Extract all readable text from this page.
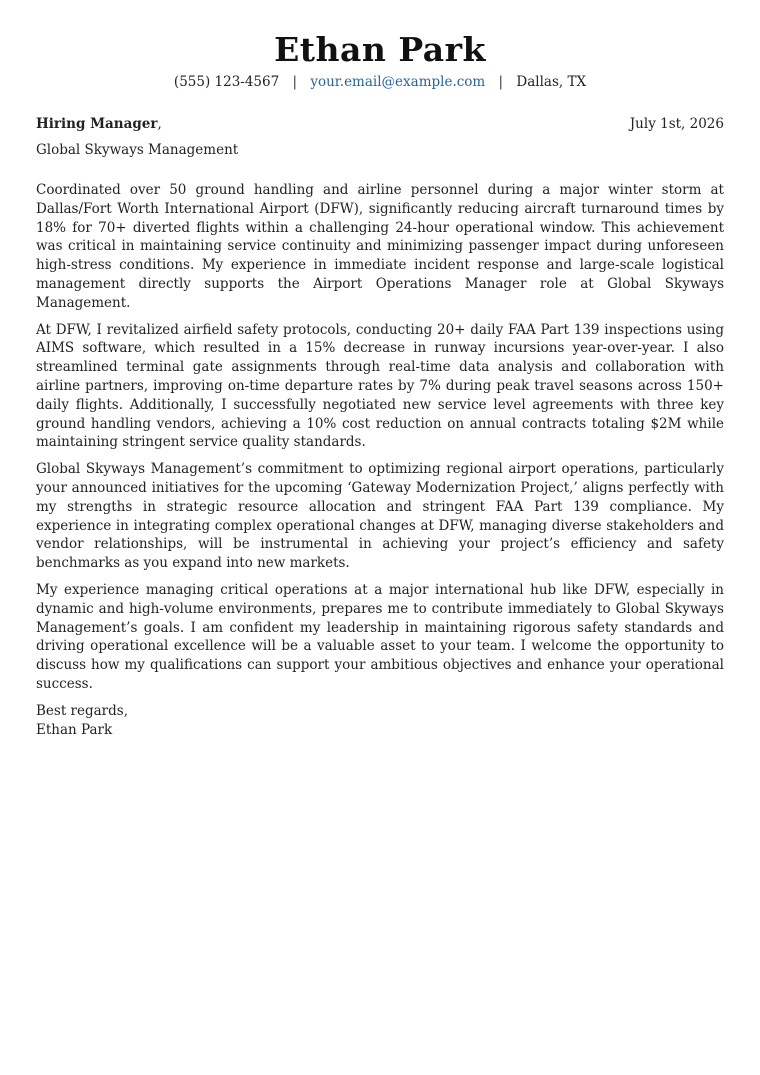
Ethan Park
(555) 123-4567 | your.email@example.com | Dallas, TX
Hiring Manager,	July 1st, 2026
Global Skyways Management

Coordinated over 50 ground handling and airline personnel during a major winter storm at Dallas/Fort Worth International Airport (DFW), significantly reducing aircraft turnaround times by 18% for 70+ diverted flights within a challenging 24-hour operational window. This achievement was critical in maintaining service continuity and minimizing passenger impact during unforeseen high-stress conditions. My experience in immediate incident response and large-scale logistical management directly supports the Airport Operations Manager role at Global Skyways Management.

At DFW, I revitalized airfield safety protocols, conducting 20+ daily FAA Part 139 inspections using AIMS software, which resulted in a 15% decrease in runway incursions year-over-year. I also streamlined terminal gate assignments through real-time data analysis and collaboration with airline partners, improving on-time departure rates by 7% during peak travel seasons across 150+ daily flights. Additionally, I successfully negotiated new service level agreements with three key ground handling vendors, achieving a 10% cost reduction on annual contracts totaling $2M while maintaining stringent service quality standards.

Global Skyways Management’s commitment to optimizing regional airport operations, particularly your announced initiatives for the upcoming ‘Gateway Modernization Project,’ aligns perfectly with my strengths in strategic resource allocation and stringent FAA Part 139 compliance. My experience in integrating complex operational changes at DFW, managing diverse stakeholders and vendor relationships, will be instrumental in achieving your project’s efficiency and safety benchmarks as you expand into new markets.

My experience managing critical operations at a major international hub like DFW, especially in dynamic and high-volume environments, prepares me to contribute immediately to Global Skyways Management’s goals. I am confident my leadership in maintaining rigorous safety standards and driving operational excellence will be a valuable asset to your team. I welcome the opportunity to discuss how my qualifications can support your ambitious objectives and enhance your operational success.

Best regards,
Ethan Park
